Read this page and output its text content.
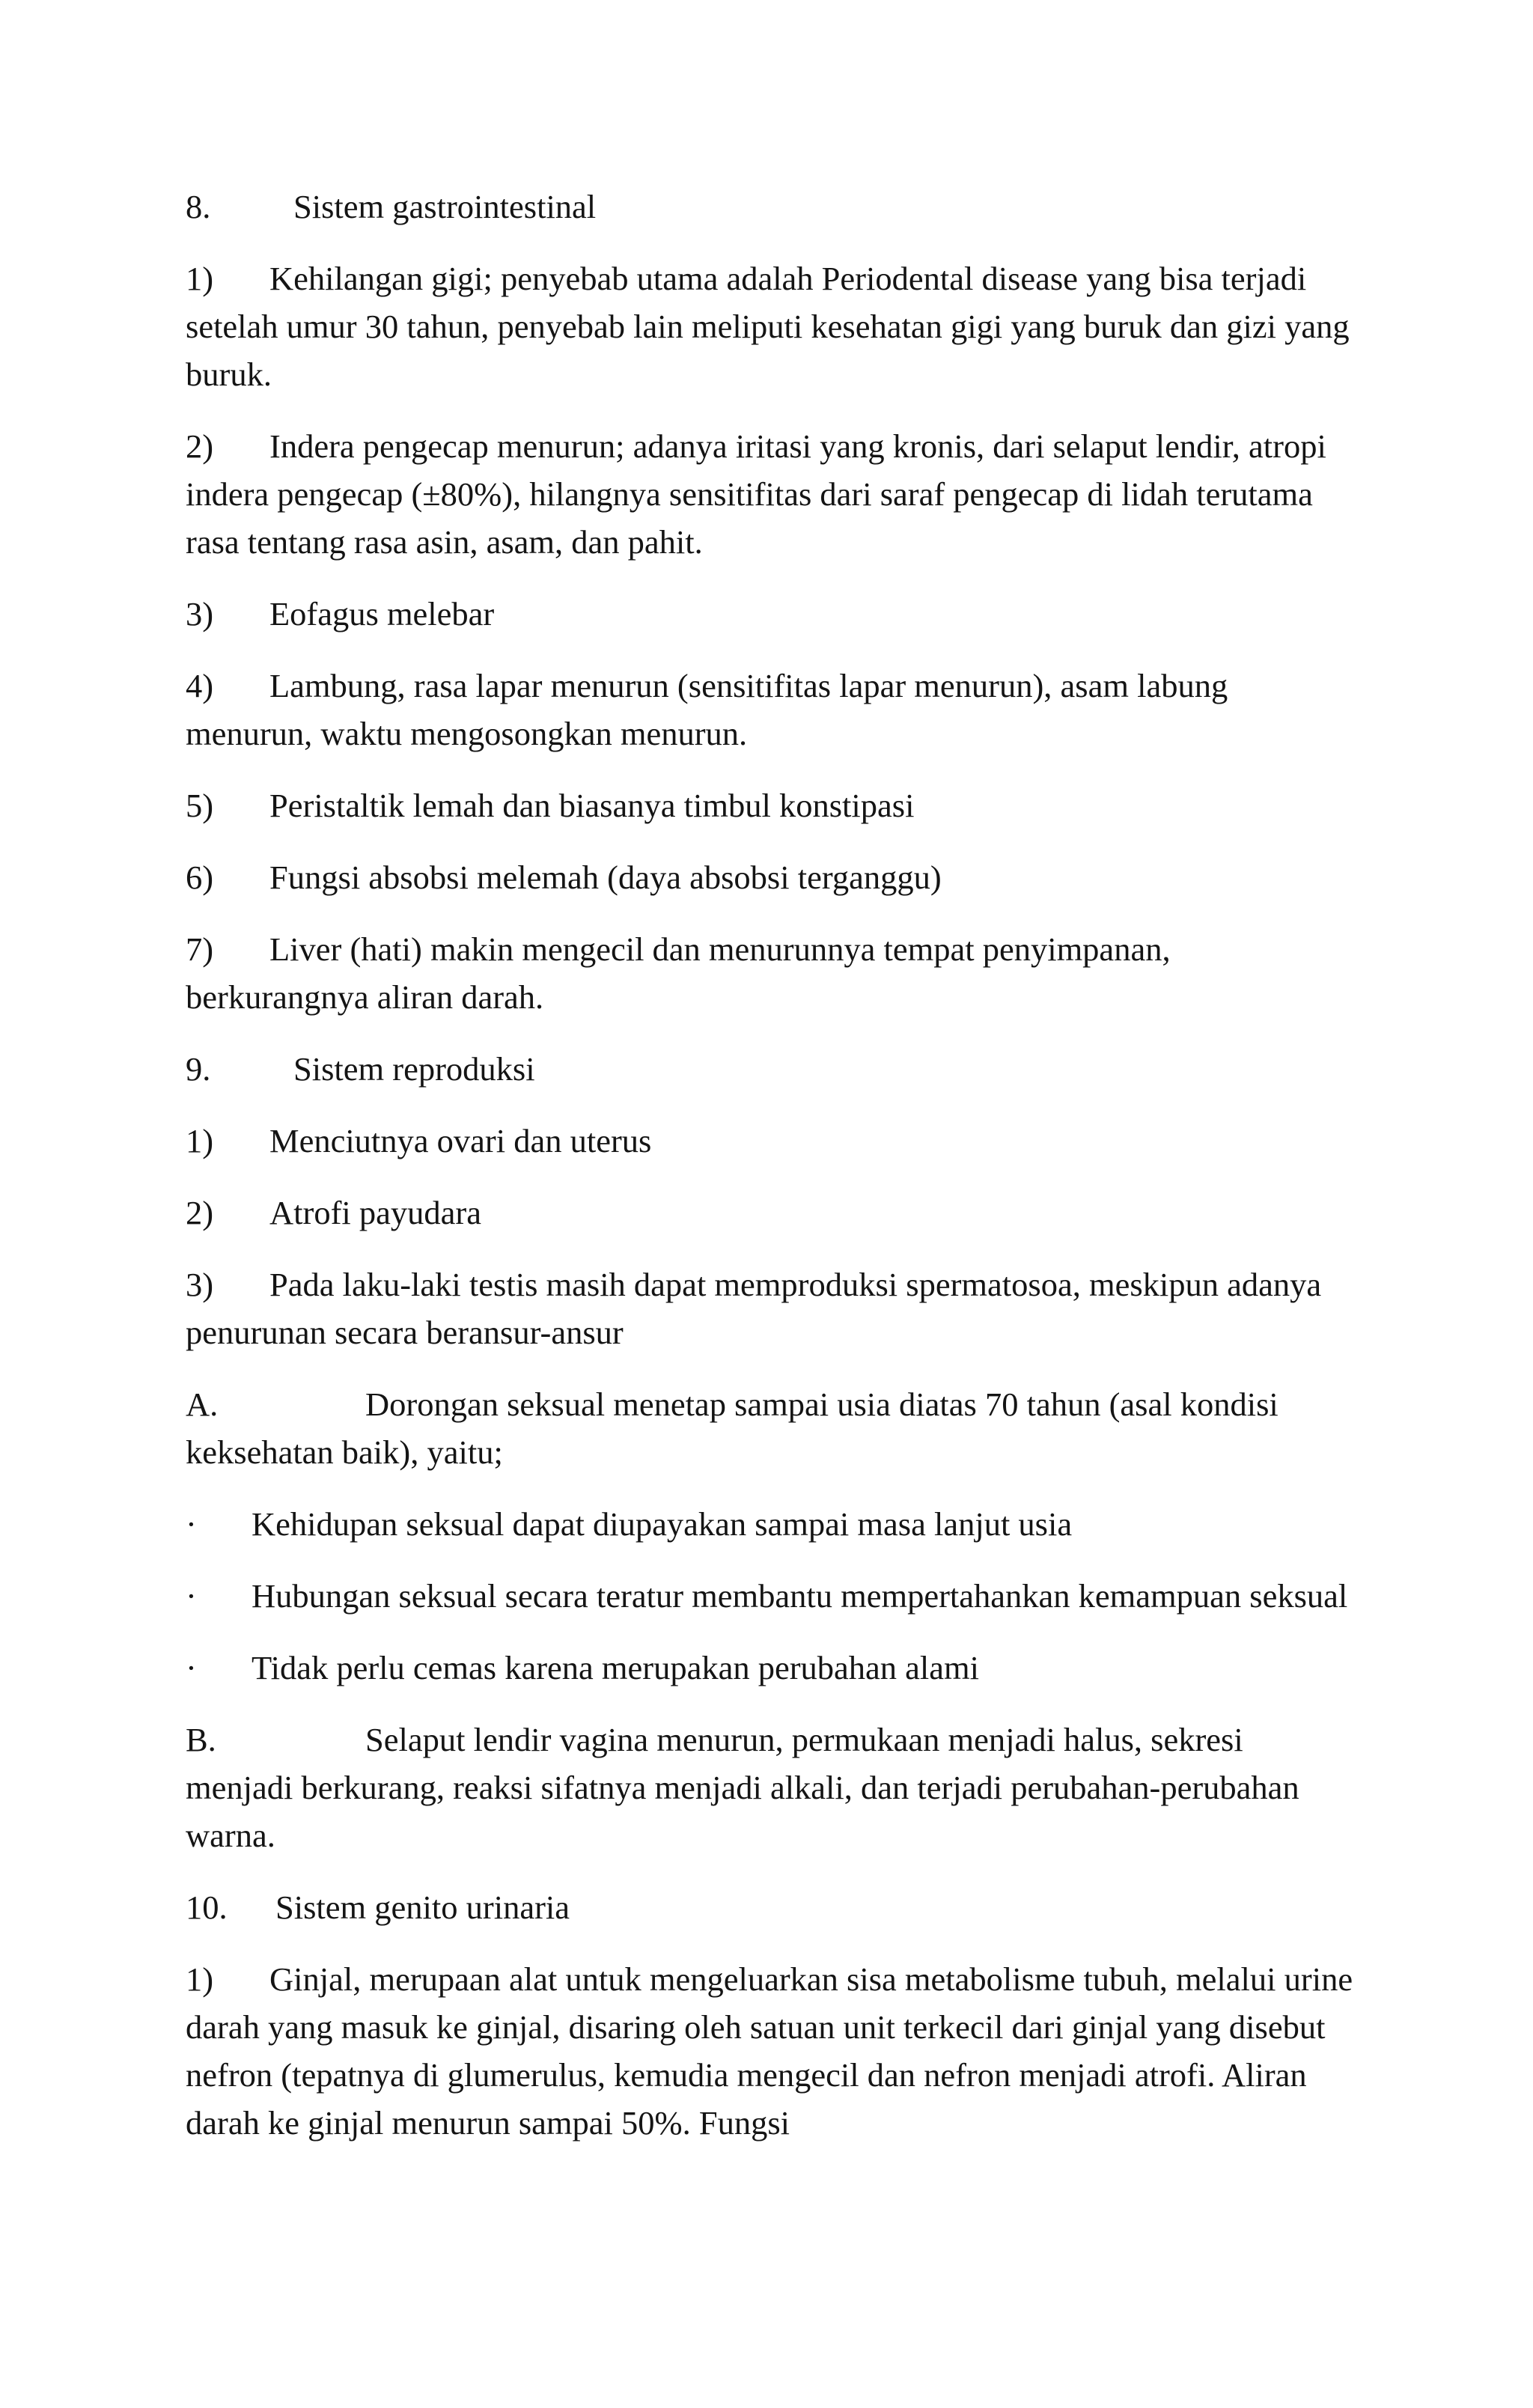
8. Sistem gastrointestinal

1) Kehilangan gigi; penyebab utama adalah Periodental disease yang bisa terjadi setelah umur 30 tahun, penyebab lain meliputi kesehatan gigi yang buruk dan gizi yang buruk.

2) Indera pengecap menurun; adanya iritasi yang kronis, dari selaput lendir, atropi indera pengecap (±80%), hilangnya sensitifitas dari saraf pengecap di lidah terutama rasa tentang rasa asin, asam, dan pahit.

3) Eofagus melebar

4) Lambung, rasa lapar menurun (sensitifitas lapar menurun), asam labung menurun, waktu mengosongkan menurun.

5) Peristaltik lemah dan biasanya timbul konstipasi

6) Fungsi absobsi melemah (daya absobsi terganggu)

7) Liver (hati) makin mengecil dan menurunnya tempat penyimpanan, berkurangnya aliran darah.

9. Sistem reproduksi

1) Menciutnya ovari dan uterus

2) Atrofi payudara

3) Pada laku-laki testis masih dapat memproduksi spermatosoa, meskipun adanya penurunan secara beransur-ansur

A.	Dorongan seksual menetap sampai usia diatas 70 tahun (asal kondisi keksehatan baik), yaitu;

· Kehidupan seksual dapat diupayakan sampai masa lanjut usia

· Hubungan seksual secara teratur membantu mempertahankan kemampuan seksual

· Tidak perlu cemas karena merupakan perubahan alami

B.	Selaput lendir vagina menurun, permukaan menjadi halus, sekresi menjadi berkurang, reaksi sifatnya menjadi alkali, dan terjadi perubahan-perubahan warna.

10. Sistem genito urinaria

1) Ginjal, merupaan alat untuk mengeluarkan sisa metabolisme tubuh, melalui urine darah yang masuk ke ginjal, disaring oleh satuan unit terkecil dari ginjal yang disebut nefron (tepatnya di glumerulus, kemudia mengecil dan nefron menjadi atrofi. Aliran darah ke ginjal menurun sampai 50%. Fungsi
